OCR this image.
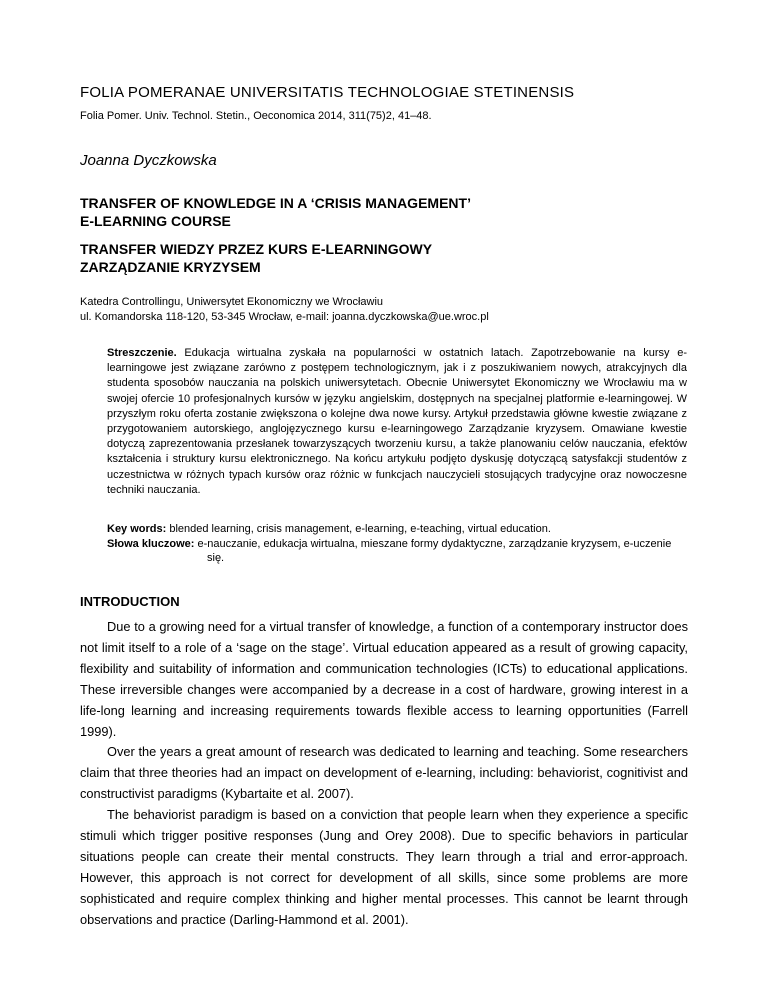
FOLIA POMERANAE UNIVERSITATIS TECHNOLOGIAE STETINENSIS
Folia Pomer. Univ. Technol. Stetin., Oeconomica 2014, 311(75)2, 41–48.
Joanna Dyczkowska
TRANSFER OF KNOWLEDGE IN A ‘CRISIS MANAGEMENT’
E-LEARNING COURSE
TRANSFER WIEDZY PRZEZ KURS E-LEARNINGOWY
ZARZĄDZANIE KRYZYSEM
Katedra Controllingu, Uniwersytet Ekonomiczny we Wrocławiu
ul. Komandorska 118-120, 53-345 Wrocław, e-mail: joanna.dyczkowska@ue.wroc.pl
Streszczenie. Edukacja wirtualna zyskała na popularności w ostatnich latach. Zapotrzebowanie na kursy e-learningowe jest związane zarówno z postępem technologicznym, jak i z poszukiwaniem nowych, atrakcyjnych dla studenta sposobów nauczania na polskich uniwersytetach. Obecnie Uniwersytet Ekonomiczny we Wrocławiu ma w swojej ofercie 10 profesjonalnych kursów w języku angielskim, dostępnych na specjalnej platformie e-learningowej. W przyszłym roku oferta zostanie zwiększona o kolejne dwa nowe kursy. Artykuł przedstawia główne kwestie związane z przygotowaniem autorskiego, anglojęzycznego kursu e-learningowego Zarządzanie kryzysem. Omawiane kwestie dotyczą zaprezentowania przesłanek towarzyszących tworzeniu kursu, a także planowaniu celów nauczania, efektów kształcenia i struktury kursu elektronicznego. Na końcu artykułu podjęto dyskusję dotyczącą satysfakcji studentów z uczestnictwa w różnych typach kursów oraz różnic w funkcjach nauczycieli stosujących tradycyjne oraz nowoczesne techniki nauczania.
Key words: blended learning, crisis management, e-learning, e-teaching, virtual education.
Słowa kluczowe: e-nauczanie, edukacja wirtualna, mieszane formy dydaktyczne, zarządzanie kryzysem, e-uczenie się.
INTRODUCTION

Due to a growing need for a virtual transfer of knowledge, a function of a contemporary instructor does not limit itself to a role of a ‘sage on the stage’. Virtual education appeared as a result of growing capacity, flexibility and suitability of information and communication technologies (ICTs) to educational applications. These irreversible changes were accompanied by a decrease in a cost of hardware, growing interest in a life-long learning and increasing requirements towards flexible access to learning opportunities (Farrell 1999).

Over the years a great amount of research was dedicated to learning and teaching. Some researchers claim that three theories had an impact on development of e-learning, including: behaviorist, cognitivist and constructivist paradigms (Kybartaite et al. 2007).

The behaviorist paradigm is based on a conviction that people learn when they experience a specific stimuli which trigger positive responses (Jung and Orey 2008). Due to specific behaviors in particular situations people can create their mental constructs. They learn through a trial and error-approach. However, this approach is not correct for development of all skills, since some problems are more sophisticated and require complex thinking and higher mental processes. This cannot be learnt through observations and practice (Darling-Hammond et al. 2001).
